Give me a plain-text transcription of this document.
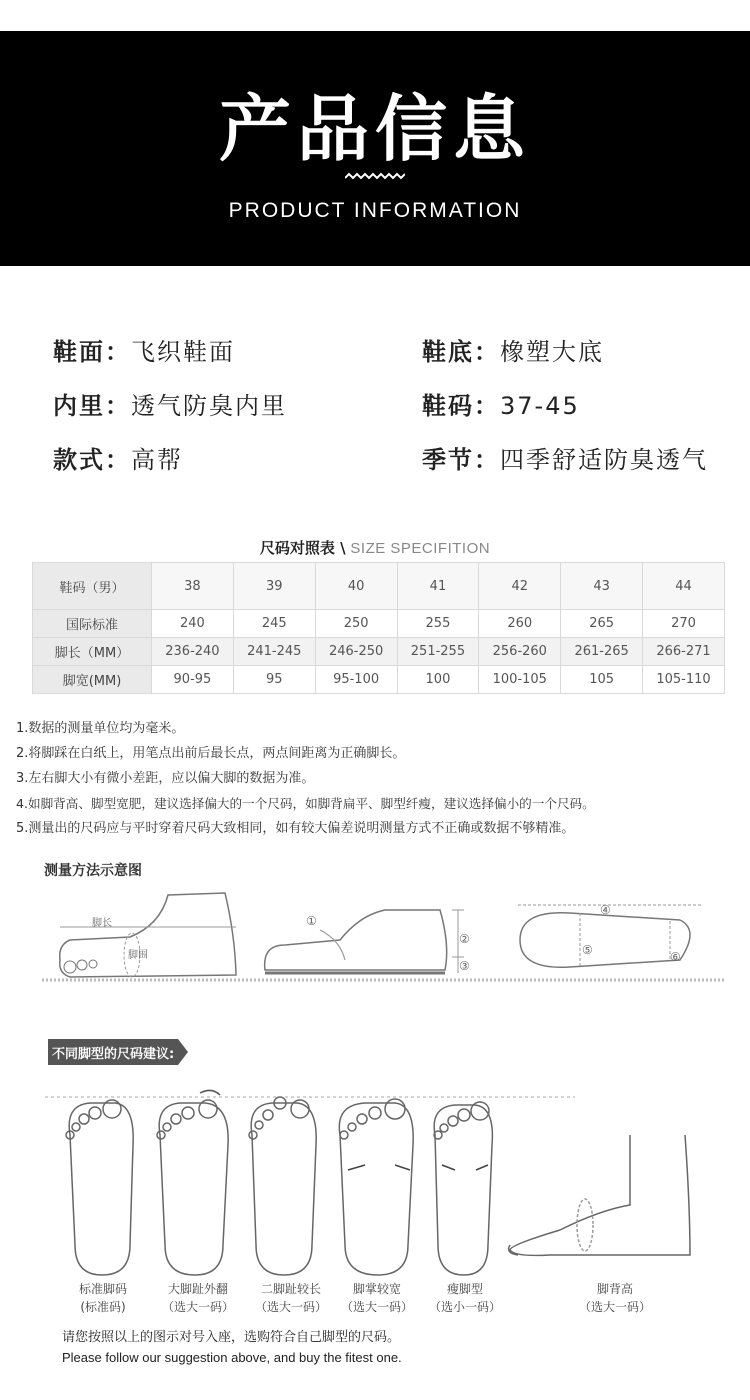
产品信息
PRODUCT INFORMATION
鞋面：飞织鞋面	鞋底：橡塑大底
内里：透气防臭内里	鞋码：37-45
款式：高帮	季节：四季舒适防臭透气
尺码对照表 \ SIZE SPECIFITION
鞋码（男）	38	39	40	41	42	43	44
国际标准	240	245	250	255	260	265	270
脚长（MM）	236-240	241-245	246-250	251-255	256-260	261-265	266-271
脚宽(MM)	90-95	95	95-100	100	100-105	105	105-110
1.数据的测量单位均为毫米。
2.将脚踩在白纸上，用笔点出前后最长点，两点间距离为正确脚长。
3.左右脚大小有微小差距，应以偏大脚的数据为准。
4.如脚背高、脚型宽肥，建议选择偏大的一个尺码，如脚背扁平、脚型纤瘦，建议选择偏小的一个尺码。
5.测量出的尺码应与平时穿着尺码大致相同，如有较大偏差说明测量方式不正确或数据不够精准。
测量方法示意图
脚长
脚围
①
②
③
④
⑤	⑥
不同脚型的尺码建议:
标准脚码
(标准码)
大脚趾外翻
（选大一码）
二脚趾较长
（选大一码）
脚掌较宽
（选大一码）
瘦脚型
（选小一码）
脚背高
（选大一码）
请您按照以上的图示对号入座，选购符合自己脚型的尺码。
Please follow our suggestion above, and buy the fitest one.
